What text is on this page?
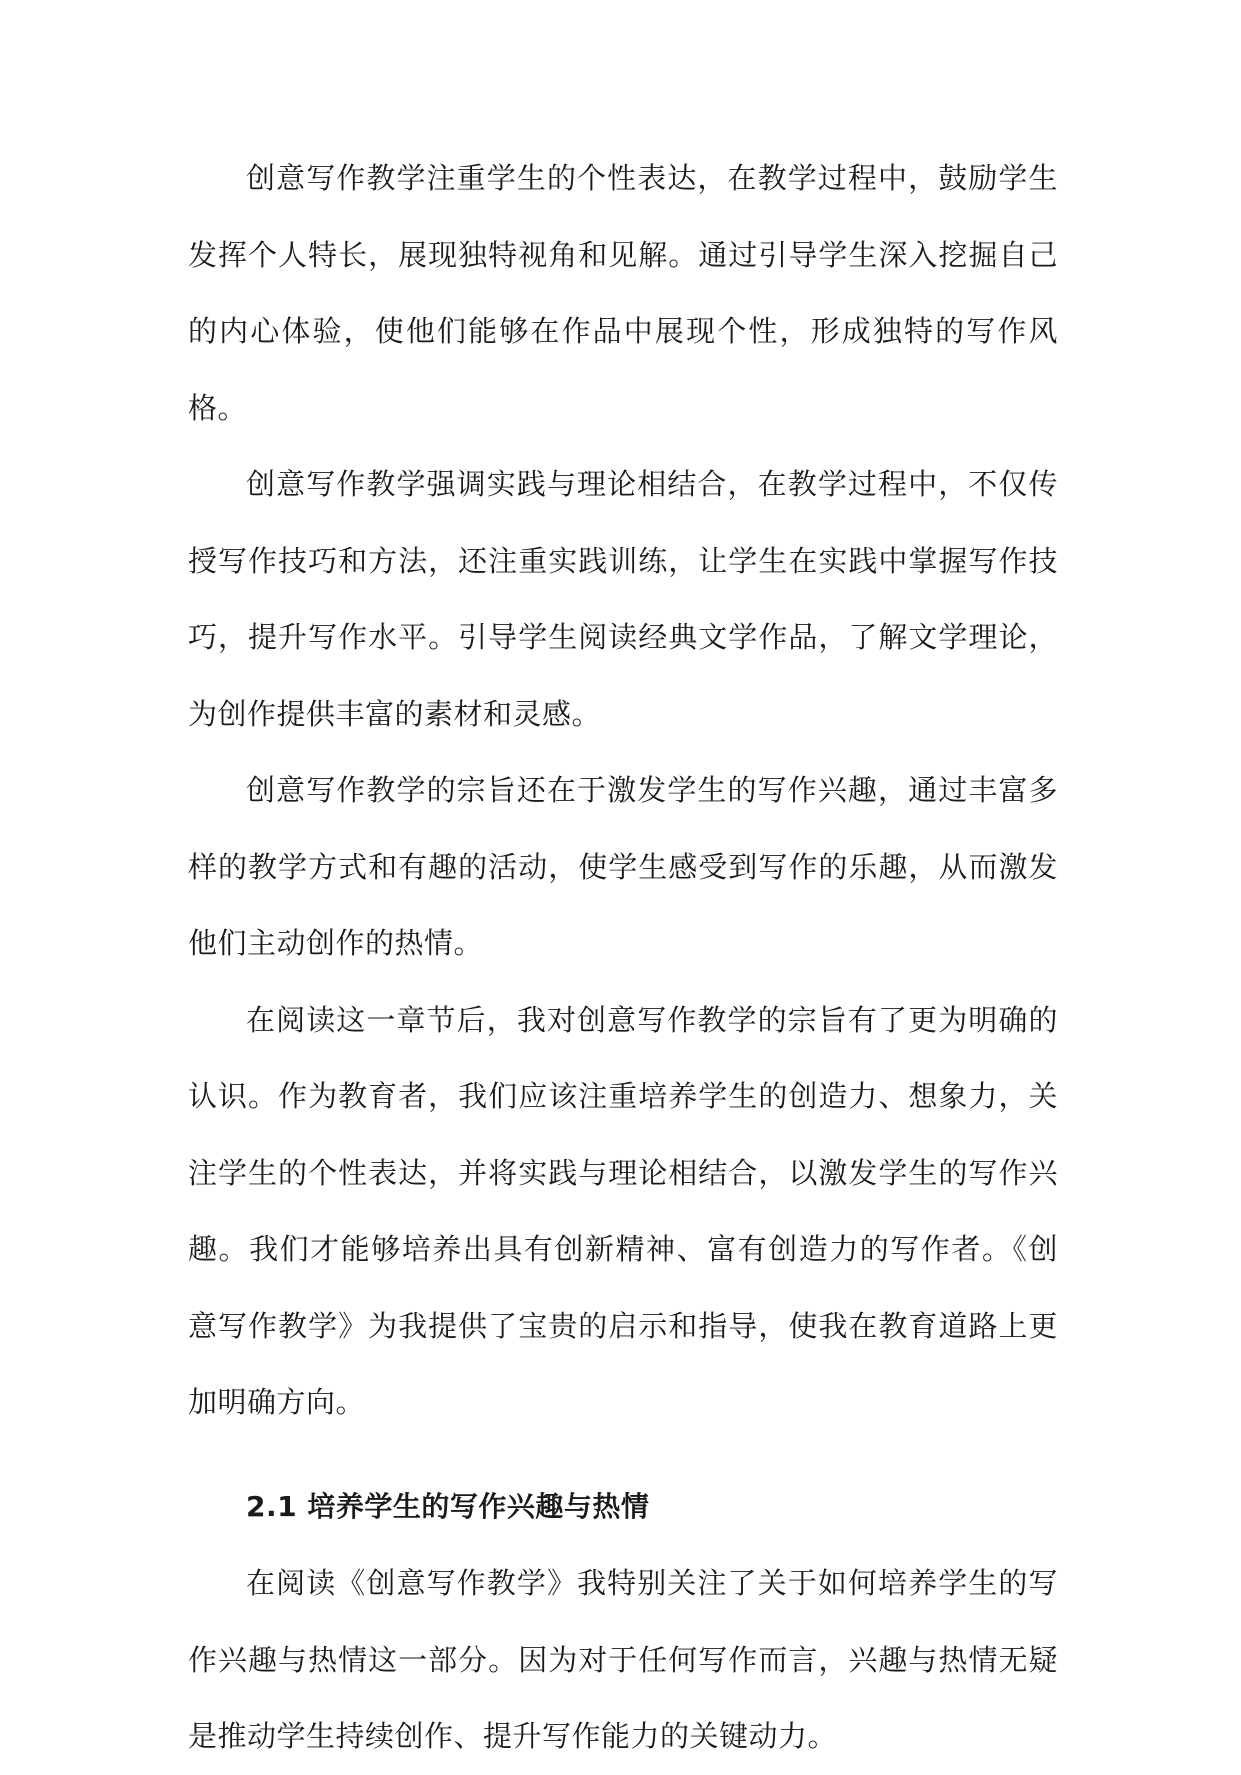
创意写作教学注重学生的个性表达，在教学过程中，鼓励学生发挥个人特长，展现独特视角和见解。通过引导学生深入挖掘自己的内心体验，使他们能够在作品中展现个性，形成独特的写作风格。

创意写作教学强调实践与理论相结合，在教学过程中，不仅传授写作技巧和方法，还注重实践训练，让学生在实践中掌握写作技巧，提升写作水平。引导学生阅读经典文学作品，了解文学理论，为创作提供丰富的素材和灵感。

创意写作教学的宗旨还在于激发学生的写作兴趣，通过丰富多样的教学方式和有趣的活动，使学生感受到写作的乐趣，从而激发他们主动创作的热情。

在阅读这一章节后，我对创意写作教学的宗旨有了更为明确的认识。作为教育者，我们应该注重培养学生的创造力、想象力，关注学生的个性表达，并将实践与理论相结合，以激发学生的写作兴趣。我们才能够培养出具有创新精神、富有创造力的写作者。《创意写作教学》为我提供了宝贵的启示和指导，使我在教育道路上更加明确方向。

2.1 培养学生的写作兴趣与热情

在阅读《创意写作教学》我特别关注了关于如何培养学生的写作兴趣与热情这一部分。因为对于任何写作而言，兴趣与热情无疑是推动学生持续创作、提升写作能力的关键动力。
